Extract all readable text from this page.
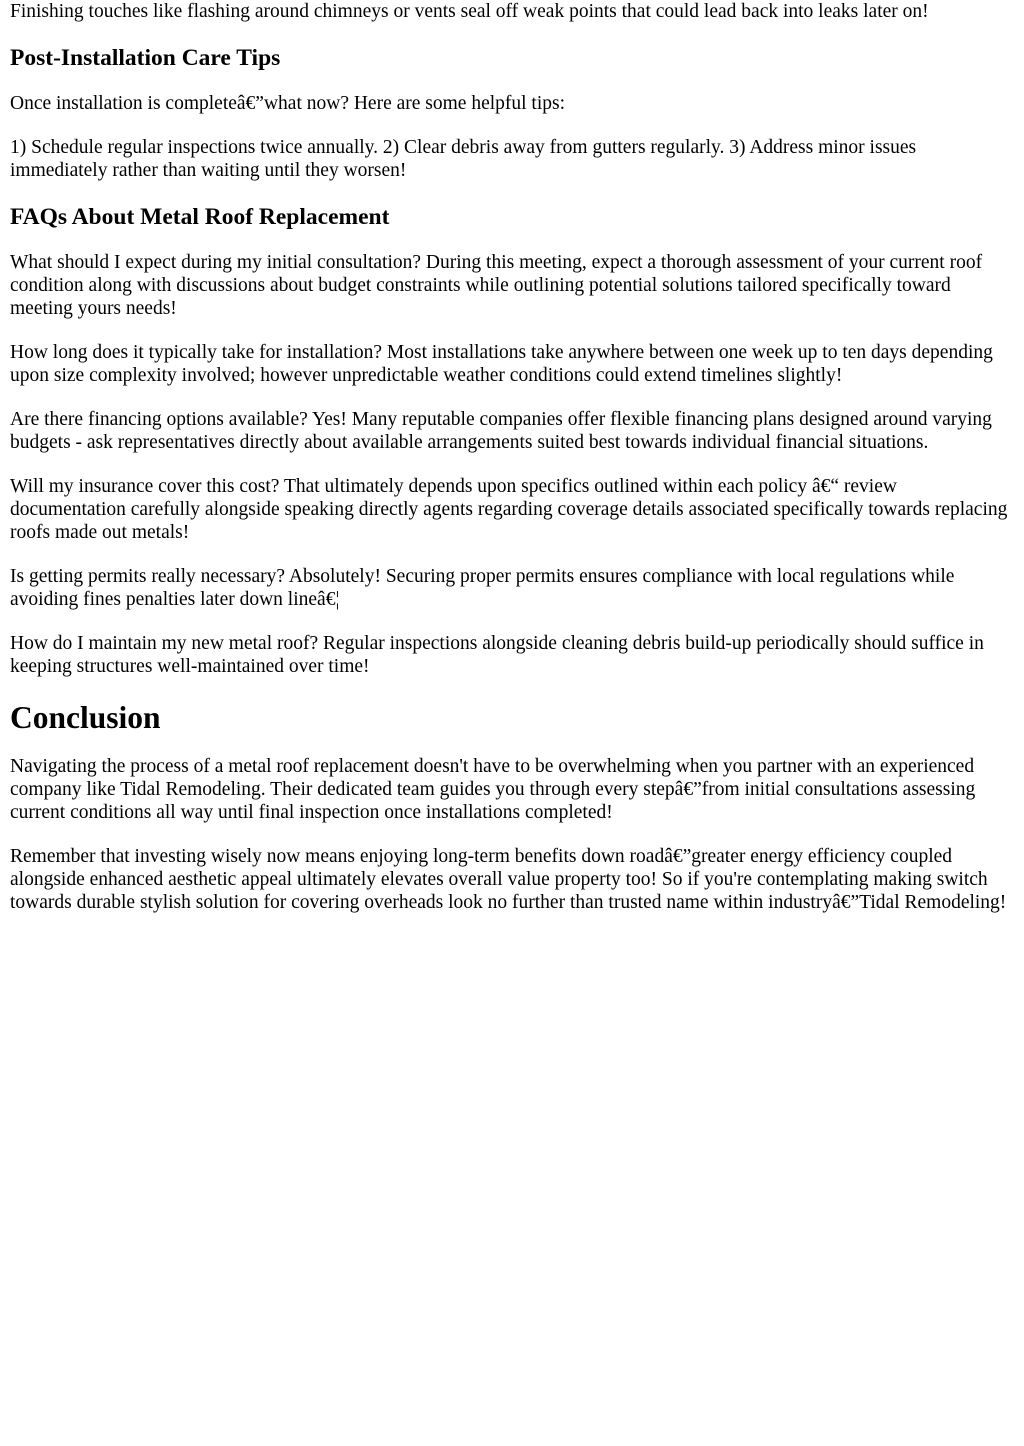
Finishing touches like flashing around chimneys or vents seal off weak points that could lead back into leaks later on!

Post-Installation Care Tips

Once installation is completeâ€”what now? Here are some helpful tips:

1) Schedule regular inspections twice annually. 2) Clear debris away from gutters regularly. 3) Address minor issues immediately rather than waiting until they worsen!

FAQs About Metal Roof Replacement

What should I expect during my initial consultation? During this meeting, expect a thorough assessment of your current roof condition along with discussions about budget constraints while outlining potential solutions tailored specifically toward meeting yours needs!

How long does it typically take for installation? Most installations take anywhere between one week up to ten days depending upon size complexity involved; however unpredictable weather conditions could extend timelines slightly!

Are there financing options available? Yes! Many reputable companies offer flexible financing plans designed around varying budgets - ask representatives directly about available arrangements suited best towards individual financial situations.

Will my insurance cover this cost? That ultimately depends upon specifics outlined within each policy â€“ review documentation carefully alongside speaking directly agents regarding coverage details associated specifically towards replacing roofs made out metals!

Is getting permits really necessary? Absolutely! Securing proper permits ensures compliance with local regulations while avoiding fines penalties later down lineâ€¦

How do I maintain my new metal roof? Regular inspections alongside cleaning debris build-up periodically should suffice in keeping structures well-maintained over time!

Conclusion

Navigating the process of a metal roof replacement doesn't have to be overwhelming when you partner with an experienced company like Tidal Remodeling. Their dedicated team guides you through every stepâ€”from initial consultations assessing current conditions all way until final inspection once installations completed!

Remember that investing wisely now means enjoying long-term benefits down roadâ€”greater energy efficiency coupled alongside enhanced aesthetic appeal ultimately elevates overall value property too! So if you're contemplating making switch towards durable stylish solution for covering overheads look no further than trusted name within industryâ€”Tidal Remodeling!
